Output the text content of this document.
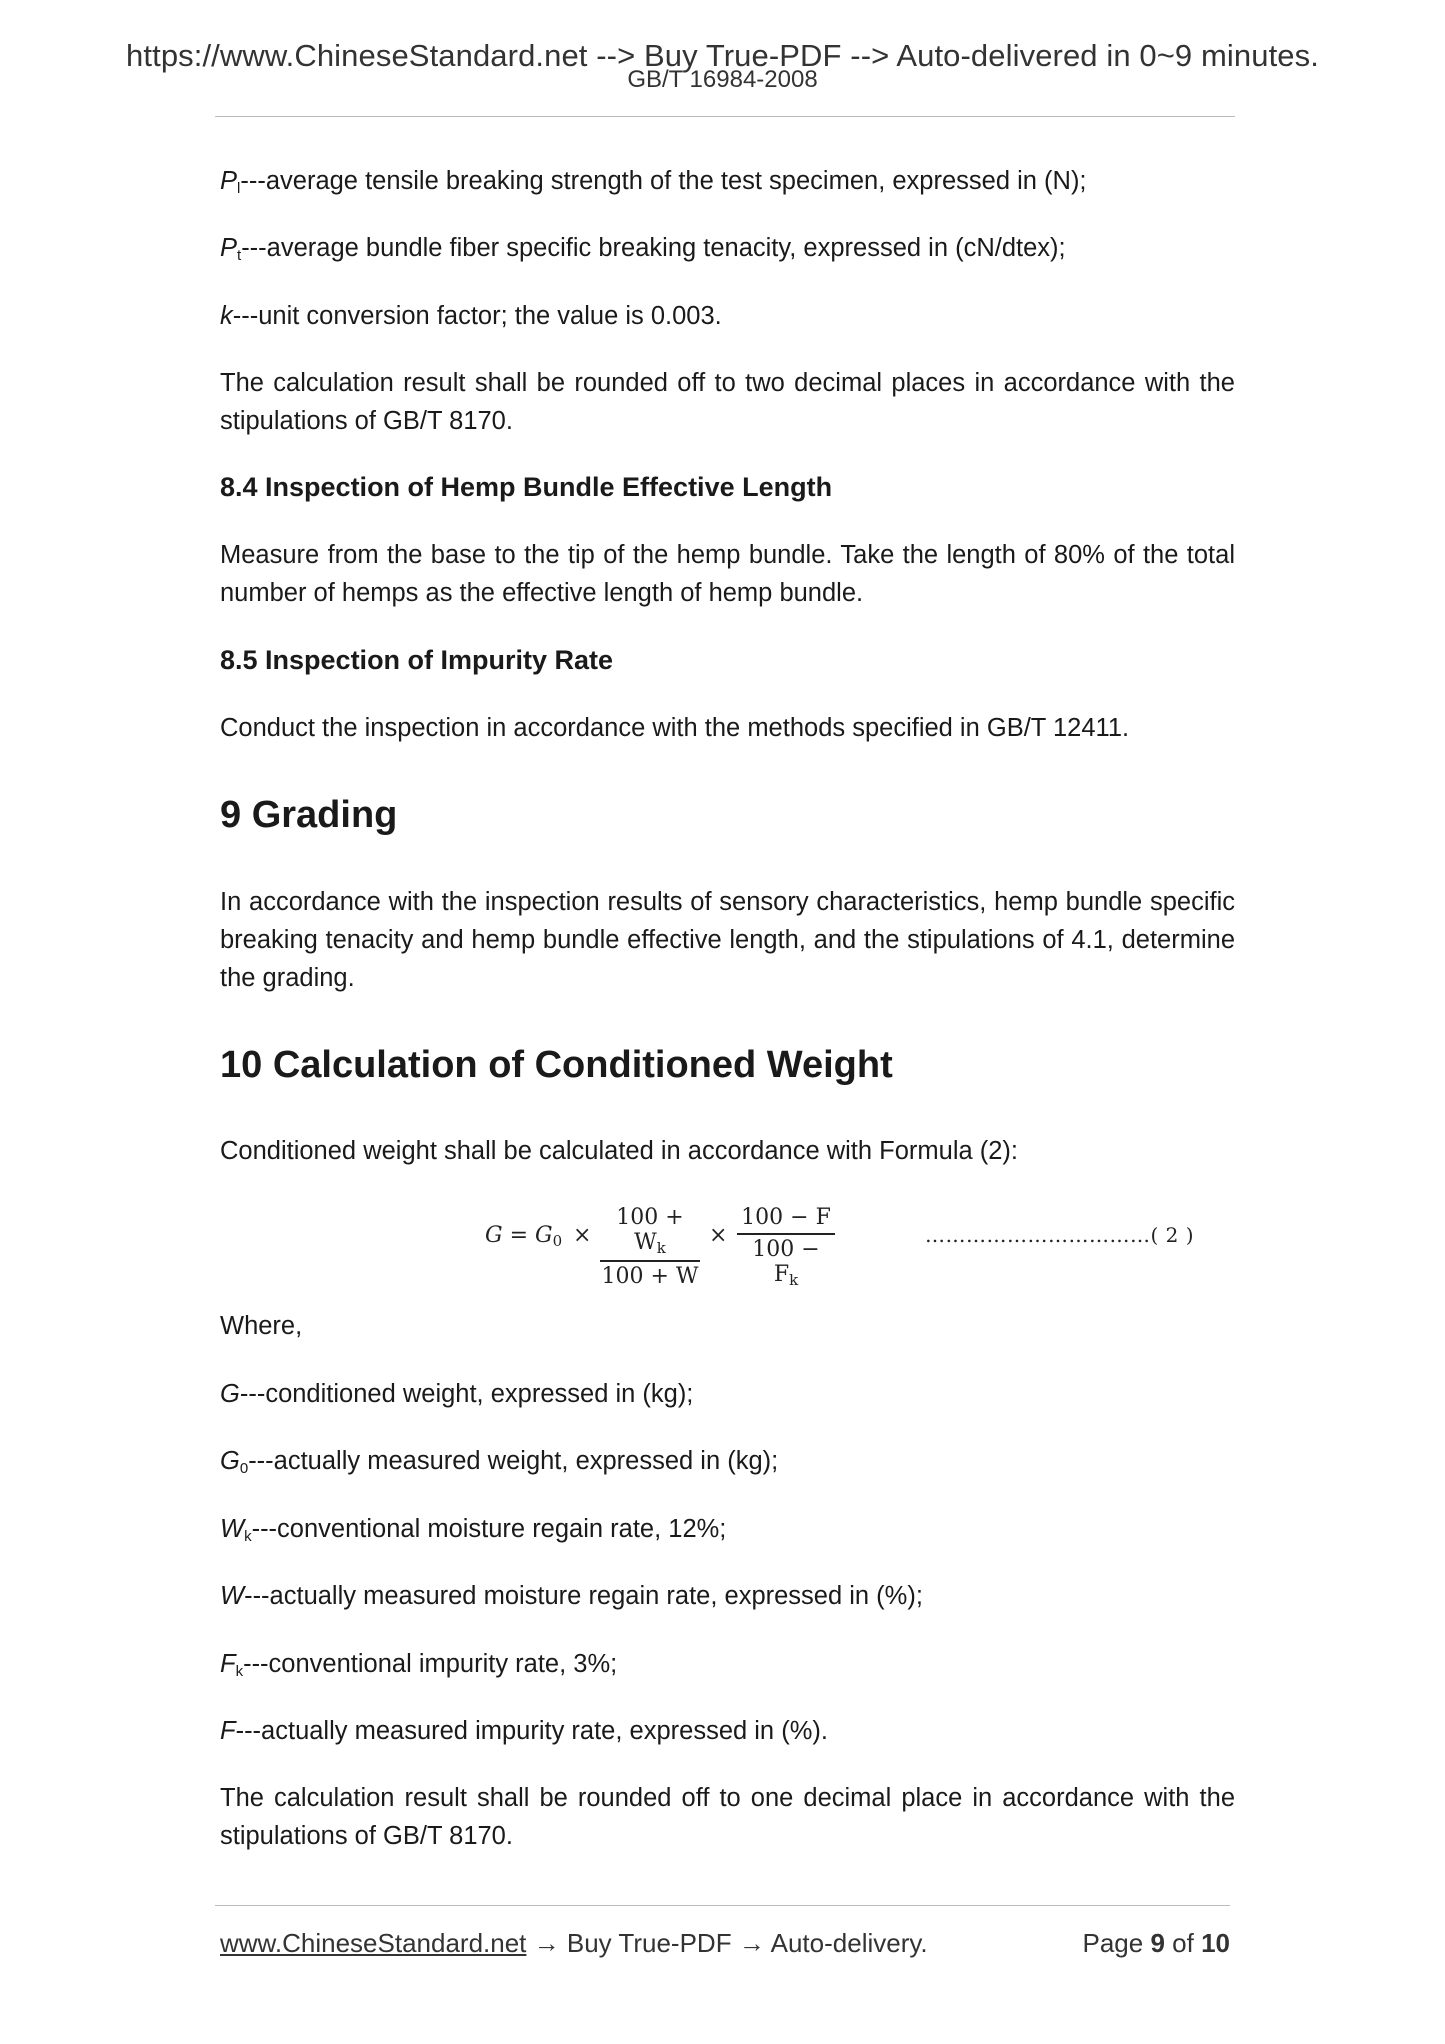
https://www.ChineseStandard.net --> Buy True-PDF --> Auto-delivered in 0~9 minutes.
GB/T 16984-2008

$P_l--$-average tensile breaking strength of the test specimen, expressed in (N);

$P_t--$-average bundle fiber specific breaking tenacity, expressed in (cN/dtex);

k---unit conversion factor; the value is 0.003.

The calculation result shall be rounded off to two decimal places in accordance with the stipulations of GB/T 8170.

8.4 Inspection of Hemp Bundle Effective Length

Measure from the base to the tip of the hemp bundle. Take the length of 80% of the total number of hemps as the effective length of hemp bundle.

8.5 Inspection of Impurity Rate

Conduct the inspection in accordance with the methods specified in GB/T 12411.

9 Grading

In accordance with the inspection results of sensory characteristics, hemp bundle specific breaking tenacity and hemp bundle effective length, and the stipulations of 4.1, determine the grading.

10 Calculation of Conditioned Weight

Conditioned weight shall be calculated in accordance with Formula (2):

Where,

G---conditioned weight, expressed in (kg);

$G_0--$-actually measured weight, expressed in (kg);

$W_k--$-conventional moisture regain rate, 12%;

W---actually measured moisture regain rate, expressed in (%);

$F_k--$-conventional impurity rate, 3%;

F---actually measured impurity rate, expressed in (%).

The calculation result shall be rounded off to one decimal place in accordance with the stipulations of GB/T 8170.

$G = G_0$ ×
$100 + W_k$
100 + W
×
100 − F
$100 - F_k$
……………………………( 2 )
www.ChineseStandard.net → Buy True-PDF → Auto-delivery.	Page 9 of 10
